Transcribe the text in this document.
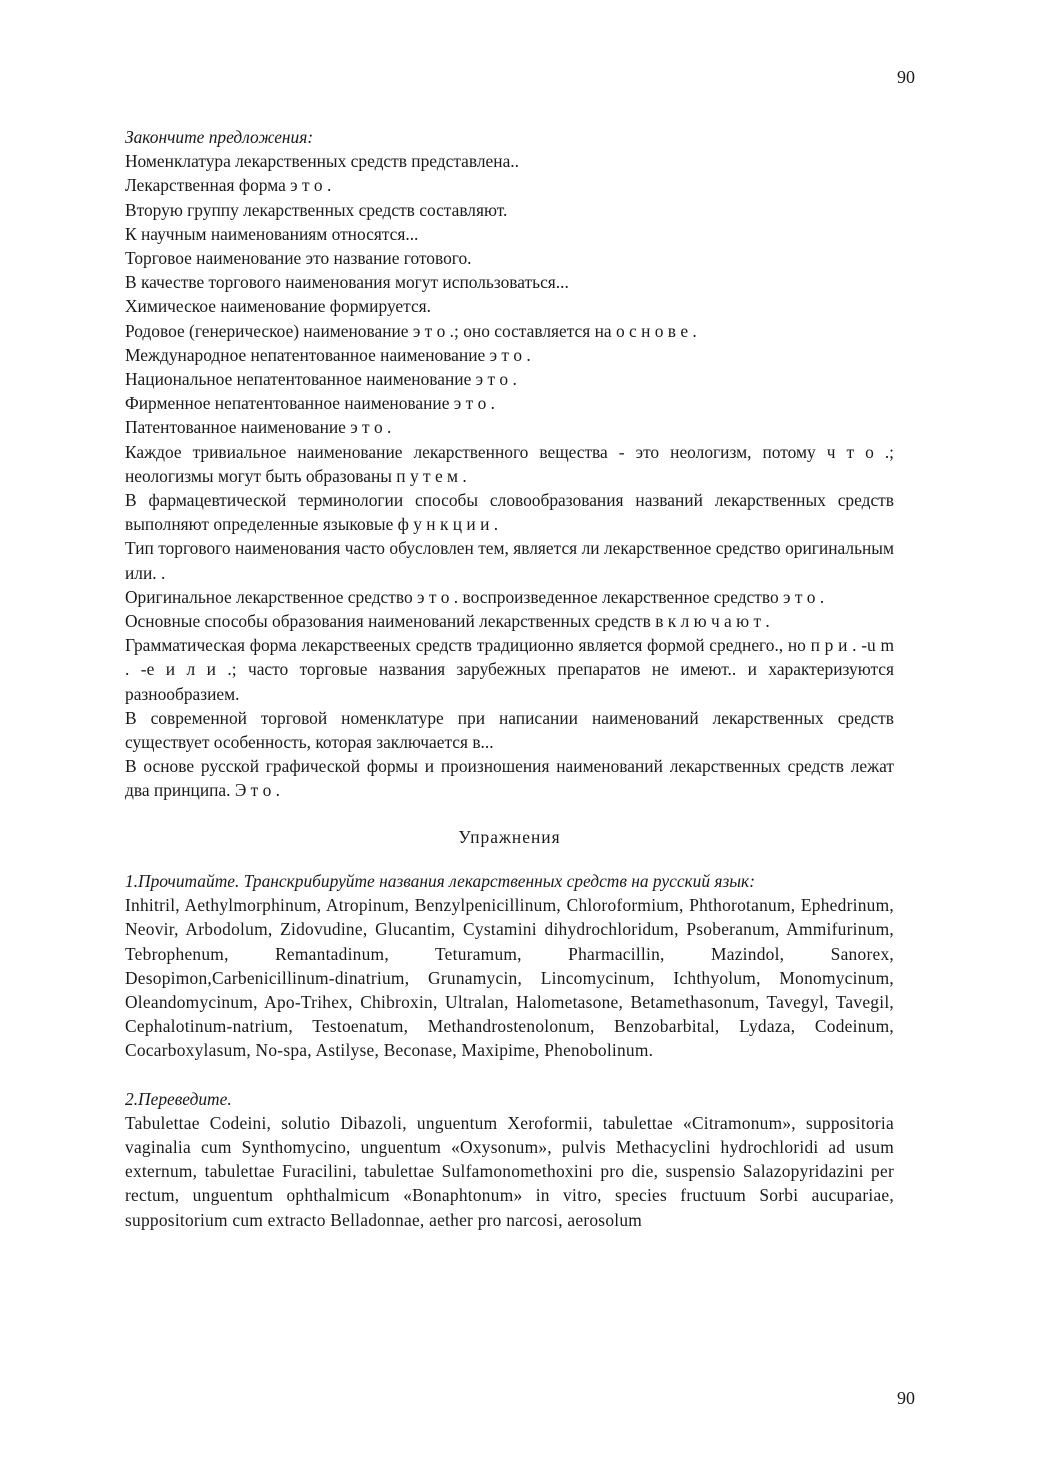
90
Закончите предложения:
Номенклатура лекарственных средств представлена..
Лекарственная форма э т о .
Вторую группу лекарственных средств составляют.
К научным наименованиям относятся...
Торговое наименование это название готового.
В качестве торгового наименования могут использоваться...
Химическое наименование формируется.
Родовое (генерическое) наименование э т о .; оно составляется на о с н о в е .
Международное непатентованное наименование э т о .
Национальное непатентованное наименование э т о .
Фирменное непатентованное наименование э т о .
Патентованное наименование э т о .
Каждое тривиальное наименование лекарственного вещества - это неологизм, потому ч т о .; неологизмы могут быть образованы п у т е м .
В фармацевтической терминологии способы словообразования названий лекарственных средств выполняют определенные языковые ф у н к ц и и .
Тип торгового наименования часто обусловлен тем, является ли лекарственное средство оригинальным или. .
Оригинальное лекарственное средство э т о . воспроизведенное лекарственное средство э т о .
Основные способы образования наименований лекарственных средств в к л ю ч а ю т .
Грамматическая форма лекарствееных средств традиционно является формой среднего., но п р и . -u m . -е и л и .; часто торговые названия зарубежных препаратов не имеют.. и характеризуются разнообразием.
В современной торговой номенклатуре при написании наименований лекарственных средств существует особенность, которая заключается в...
В основе русской графической формы и произношения наименований лекарственных средств лежат два принципа. Э т о .
Упражнения
1.Прочитайте. Транскрибируйте названия лекарственных средств на русский язык:
Inhitril, Aethylmorphinum, Atropinum, Benzylpenicillinum, Chloroformium, Phthorotanum, Ephedrinum, Neovir, Arbodolum, Zidovudine, Glucantim, Cystamini dihydrochloridum, Psoberanum, Ammifurinum, Tebrophenum, Remantadinum, Teturamum, Pharmacillin, Mazindol, Sanorex, Desopimon,Carbenicillinum-dinatrium, Grunamycin, Lincomycinum, Ichthyolum, Monomycinum, Oleandomycinum, Apo-Trihex, Chibroxin, Ultralan, Halometasone, Betamethasonum, Tavegyl, Tavegil, Cephalotinum-natrium, Testoenatum, Methandrostenolonum, Benzobarbital, Lydaza, Codeinum, Cocarboxylasum, No-spa, Astilyse, Beconase, Maxipime, Phenobolinum.
2.Переведите.
Tabulettae Codeini, solutio Dibazoli, unguentum Xeroformii, tabulettae «Citramonum», suppositoria vaginalia cum Synthomycino, unguentum «Oxysonum», pulvis Methacyclini hydrochloridi ad usum externum, tabulettae Furacilini, tabulettae Sulfamonomethoxini pro die, suspensio Salazopyridazini per rectum, unguentum ophthalmicum «Bonaphtonum» in vitro, species fructuum Sorbi aucupariae, suppositorium cum extracto Belladonnae, aether pro narcosi, aerosolum
90
